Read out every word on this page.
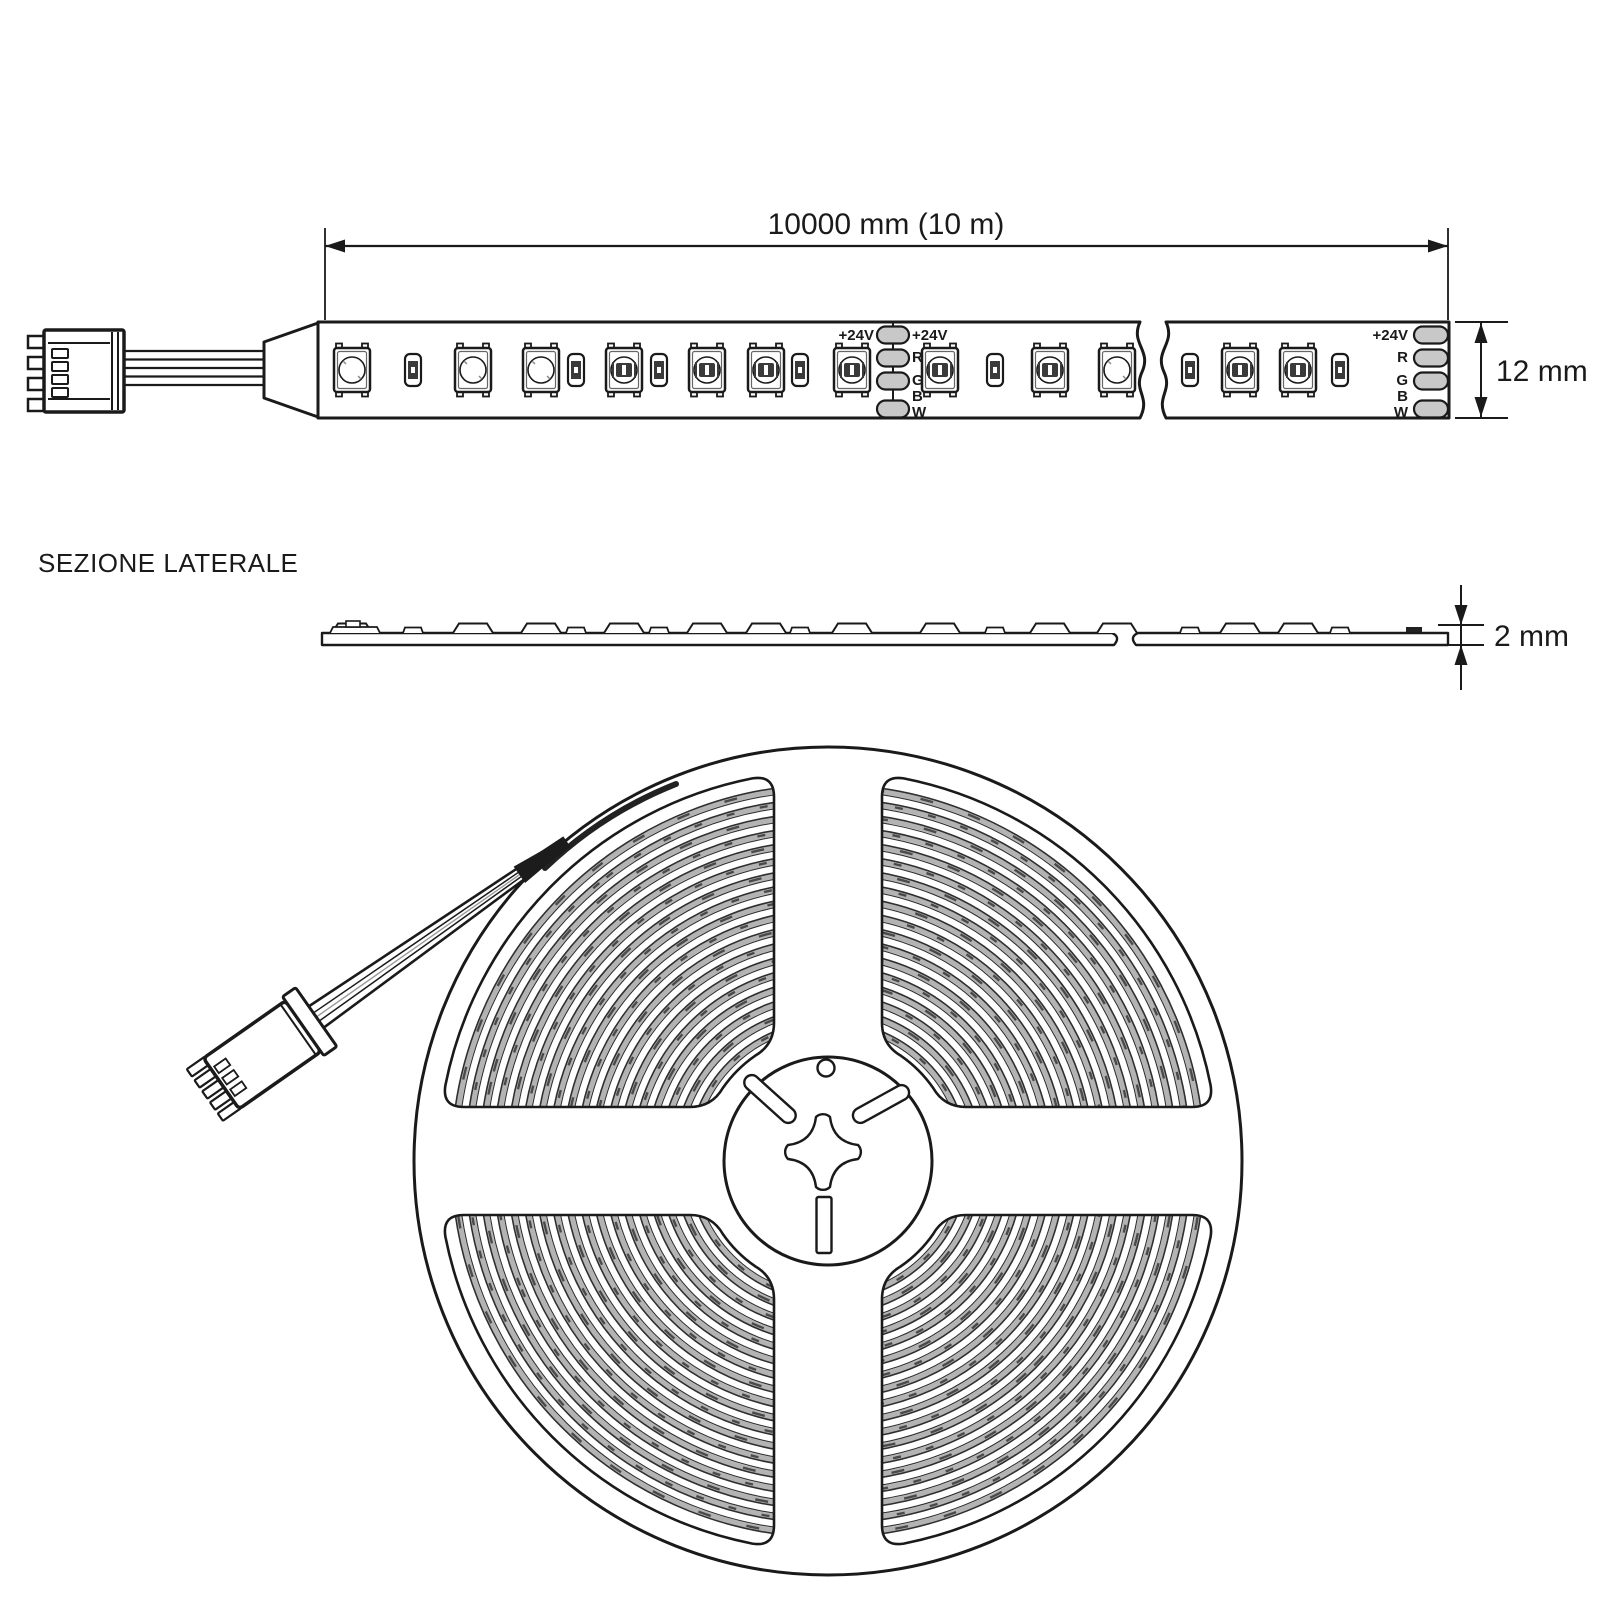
10000 mm (10 m)
12 mm
+24V	+24V
R
G
B
W
+24V
R
G
B
W
SEZIONE LATERALE
2 mm
